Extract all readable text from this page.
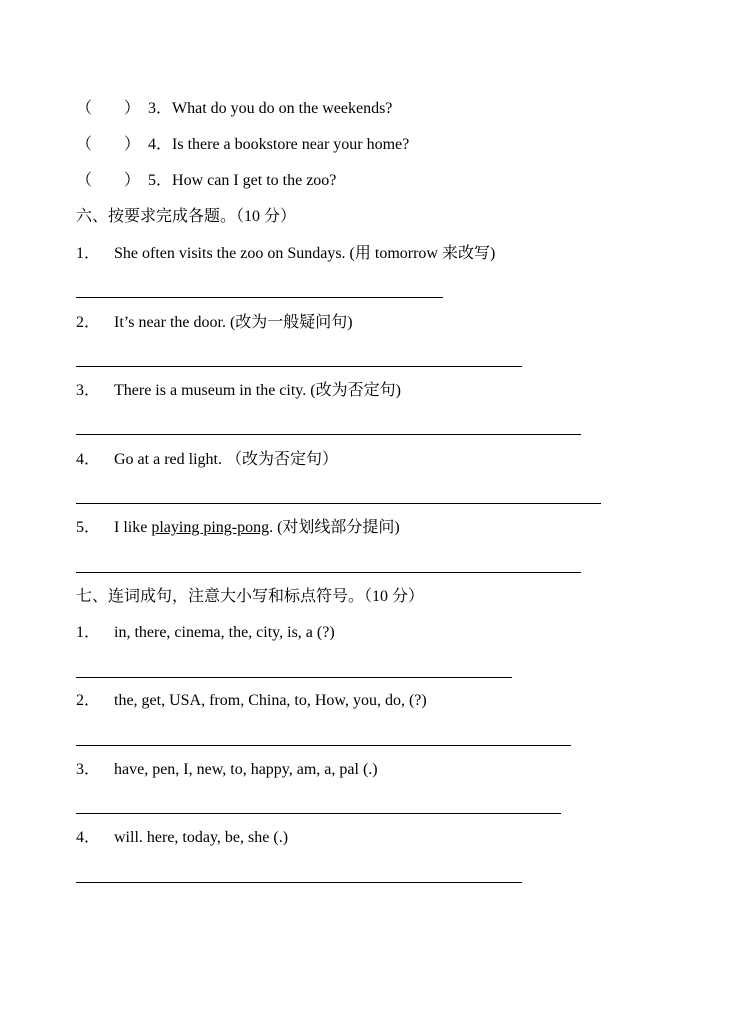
（　　） 3．What do you do on the weekends?
（　　） 4．Is there a bookstore near your home?
（　　） 5．How can I get to the zoo?
六、按要求完成各题。（10 分）
1． She often visits the zoo on Sundays. (用 tomorrow 来改写)
2． It’s near the door. (改为一般疑问句)
3． There is a museum in the city. (改为否定句)
4． Go at a red light. （改为否定句）
5． I like playing ping-pong. (对划线部分提问)
七、连词成句，注意大小写和标点符号。（10 分）
1． in, there, cinema, the, city, is, a (?)
2． the, get, USA, from, China, to, How, you, do, (?)
3． have, pen, I, new, to, happy, am, a, pal (.)
4． will. here, today, be, she (.)
